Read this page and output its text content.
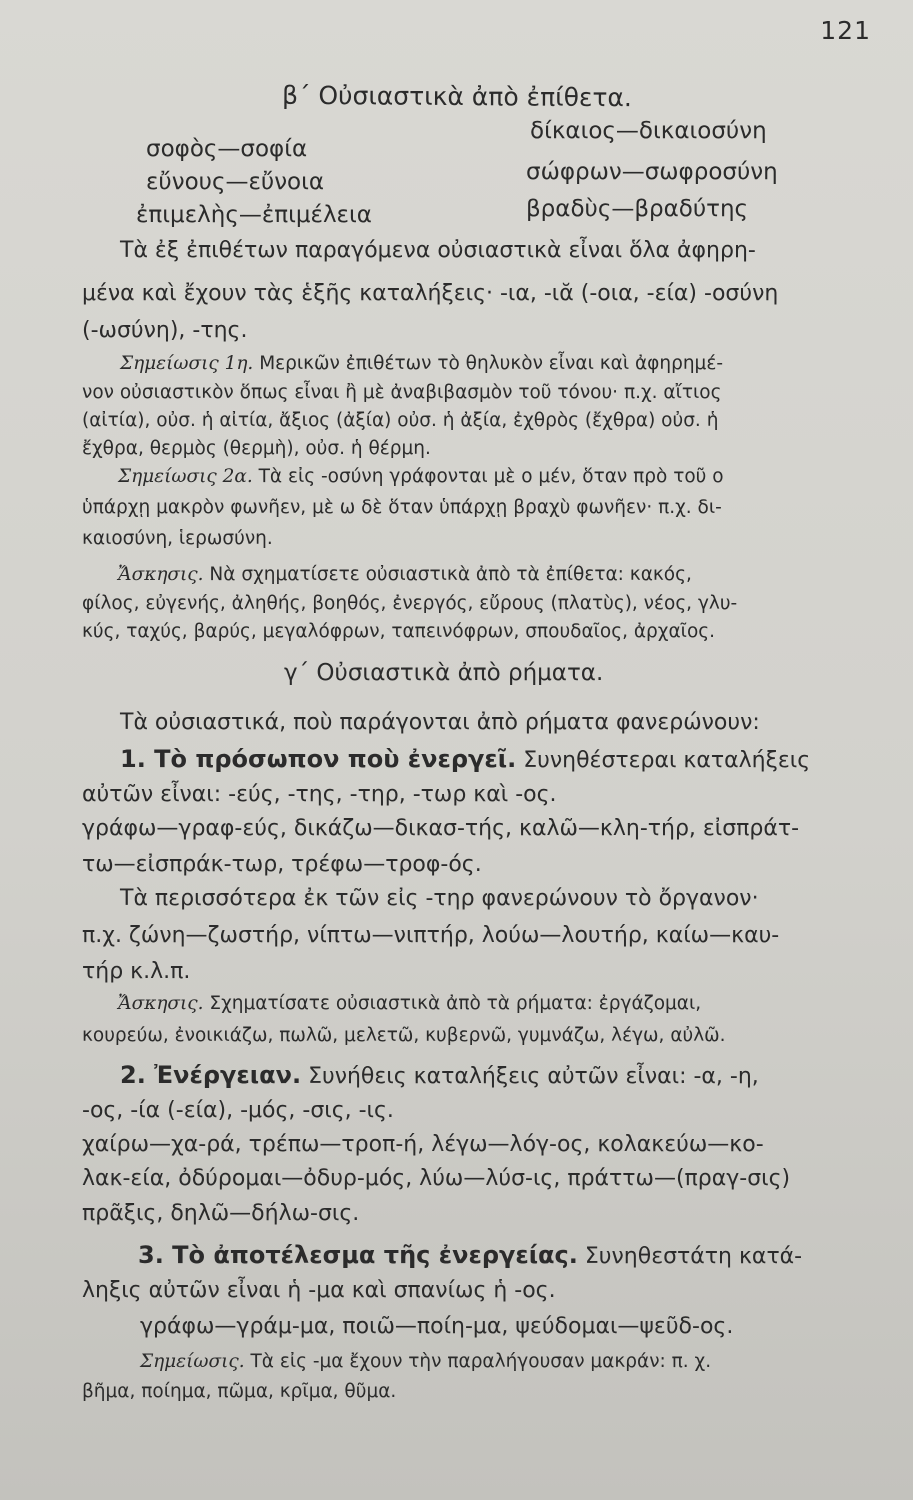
121
β΄ Οὐσιαστικὰ ἀπὸ ἐπίθετα.
σοφὸς—σοφία
εὔνους—εὔνοια
ἐπιμελὴς—ἐπιμέλεια
δίκαιος—δικαιοσύνη
σώφρων—σωφροσύνη
βραδὺς—βραδύτης
Τὰ ἐξ ἐπιθέτων παραγόμενα οὐσιαστικὰ εἶναι ὅλα ἀφηρη-
μένα καὶ ἔχουν τὰς ἑξῆς καταλήξεις· -ια, -ιᾰ (-οια, -εία) -οσύνη
(-ωσύνη), -της.
Σημείωσις 1η. Μερικῶν ἐπιθέτων τὸ θηλυκὸν εἶναι καὶ ἀφηρημέ-
νον οὐσιαστικὸν ὅπως εἶναι ἢ μὲ ἀναβιβασμὸν τοῦ τόνου· π.χ. αἴτιος
(αἰτία), οὐσ. ἡ αἰτία, ἄξιος (ἀξία) οὐσ. ἡ ἀξία, ἐχθρὸς (ἔχθρα) οὐσ. ἡ
ἔχθρα, θερμὸς (θερμὴ), οὐσ. ἡ θέρμη.
Σημείωσις 2α. Τὰ εἰς -οσύνη γράφονται μὲ ο μέν, ὅταν πρὸ τοῦ ο
ὑπάρχῃ μακρὸν φωνῆεν, μὲ ω δὲ ὅταν ὑπάρχῃ βραχὺ φωνῆεν· π.χ. δι-
καιοσύνη, ἱερωσύνη.
Ἄσκησις. Νὰ σχηματίσετε οὐσιαστικὰ ἀπὸ τὰ ἐπίθετα: κακός,
φίλος, εὐγενής, ἀληθής, βοηθός, ἐνεργός, εὔρους (πλατὺς), νέος, γλυ-
κύς, ταχύς, βαρύς, μεγαλόφρων, ταπεινόφρων, σπουδαῖος, ἀρχαῖος.
γ΄ Οὐσιαστικὰ ἀπὸ ρήματα.
Τὰ οὐσιαστικά, ποὺ παράγονται ἀπὸ ρήματα φανερώνουν:
1. Τὸ πρόσωπον ποὺ ἐνεργεῖ. Συνηθέστεραι καταλήξεις
αὐτῶν εἶναι: -εύς, -της, -τηρ, -τωρ καὶ -ος.
γράφω—γραφ-εύς, δικάζω—δικασ-τής, καλῶ—κλη-τήρ, εἰσπράτ-
τω—εἰσπράκ-τωρ, τρέφω—τροφ-ός.
Τὰ περισσότερα ἐκ τῶν εἰς -τηρ φανερώνουν τὸ ὄργανον·
π.χ. ζώνη—ζωστήρ, νίπτω—νιπτήρ, λούω—λουτήρ, καίω—καυ-
τήρ κ.λ.π.
Ἄσκησις. Σχηματίσατε οὐσιαστικὰ ἀπὸ τὰ ρήματα: ἐργάζομαι,
κουρεύω, ἐνοικιάζω, πωλῶ, μελετῶ, κυβερνῶ, γυμνάζω, λέγω, αὐλῶ.
2. Ἐνέργειαν. Συνήθεις καταλήξεις αὐτῶν εἶναι: -α, -η,
-ος, -ία (-εία), -μός, -σις, -ις.
χαίρω—χα-ρά, τρέπω—τροπ-ή, λέγω—λόγ-ος, κολακεύω—κο-
λακ-εία, ὀδύρομαι—ὀδυρ-μός, λύω—λύσ-ις, πράττω—(πραγ-σις)
πρᾶξις, δηλῶ—δήλω-σις.
3. Τὸ ἀποτέλεσμα τῆς ἐνεργείας. Συνηθεστάτη κατά-
ληξις αὐτῶν εἶναι ἡ -μα καὶ σπανίως ἡ -ος.
γράφω—γράμ-μα, ποιῶ—ποίη-μα, ψεύδομαι—ψεῦδ-ος.
Σημείωσις. Τὰ εἰς -μα ἔχουν τὴν παραλήγουσαν μακράν: π. χ.
βῆμα, ποίημα, πῶμα, κρῖμα, θῦμα.
